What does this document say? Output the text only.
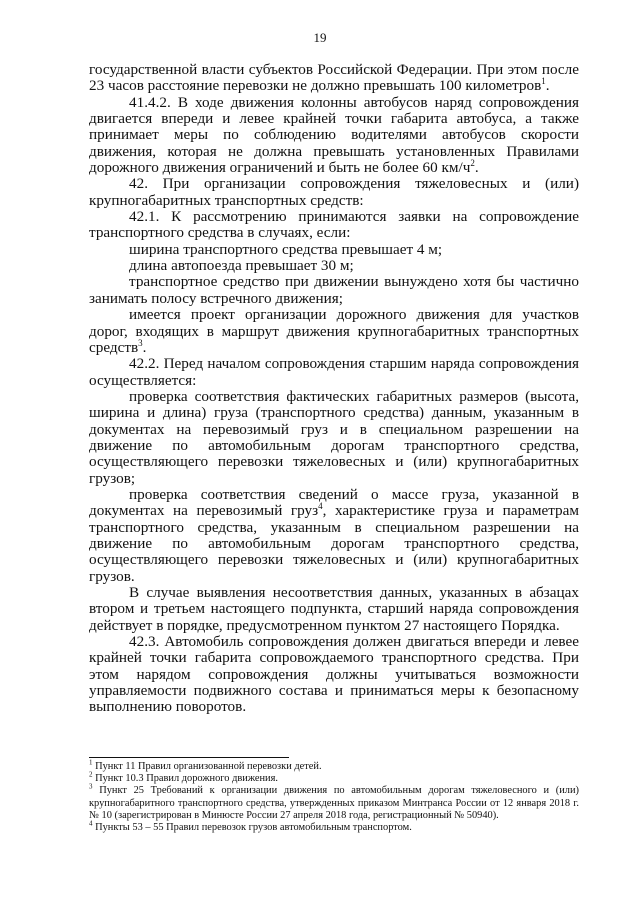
19

государственной власти субъектов Российской Федерации. При этом после 23 часов расстояние перевозки не должно превышать 100 километров$^1$.

41.4.2. В ходе движения колонны автобусов наряд сопровождения двигается впереди и левее крайней точки габарита автобуса, а также принимает меры по соблюдению водителями автобусов скорости движения, которая не должна превышать установленных Правилами дорожного движения ограничений и быть не более 60 $км/ч^2$.

42. При организации сопровождения тяжеловесных и (или) крупногабаритных транспортных средств:

42.1. К рассмотрению принимаются заявки на сопровождение транспортного средства в случаях, если:

ширина транспортного средства превышает 4 м;

длина автопоезда превышает 30 м;

транспортное средство при движении вынуждено хотя бы частично занимать полосу встречного движения;

имеется проект организации дорожного движения для участков дорог, входящих в маршрут движения крупногабаритных транспортных средств$^3$.

42.2. Перед началом сопровождения старшим наряда сопровождения осуществляется:

проверка соответствия фактических габаритных размеров (высота, ширина и длина) груза (транспортного средства) данным, указанным в документах на перевозимый груз и в специальном разрешении на движение по автомобильным дорогам транспортного средства, осуществляющего перевозки тяжеловесных и (или) крупногабаритных грузов;

проверка соответствия сведений о массе груза, указанной в документах на перевозимый груз$^4$, характеристике груза и параметрам транспортного средства, указанным в специальном разрешении на движение по автомобильным дорогам транспортного средства, осуществляющего перевозки тяжеловесных и (или) крупногабаритных грузов.

В случае выявления несоответствия данных, указанных в абзацах втором и третьем настоящего подпункта, старший наряда сопровождения действует в порядке, предусмотренном пунктом 27 настоящего Порядка.

42.3. Автомобиль сопровождения должен двигаться впереди и левее крайней точки габарита сопровождаемого транспортного средства. При этом нарядом сопровождения должны учитываться возможности управляемости подвижного состава и приниматься меры к безопасному выполнению поворотов.

$^1$ Пункт 11 Правил организованной перевозки детей.

$^2$ Пункт 10.3 Правил дорожного движения.

$^3$ Пункт 25 Требований к организации движения по автомобильным дорогам тяжеловесного и (или) крупногабаритного транспортного средства, утвержденных приказом Минтранса России от 12 января 2018 г. № 10 (зарегистрирован в Минюсте России 27 апреля 2018 года, регистрационный № 50940).

$^4$ Пункты 53 – 55 Правил перевозок грузов автомобильным транспортом.
